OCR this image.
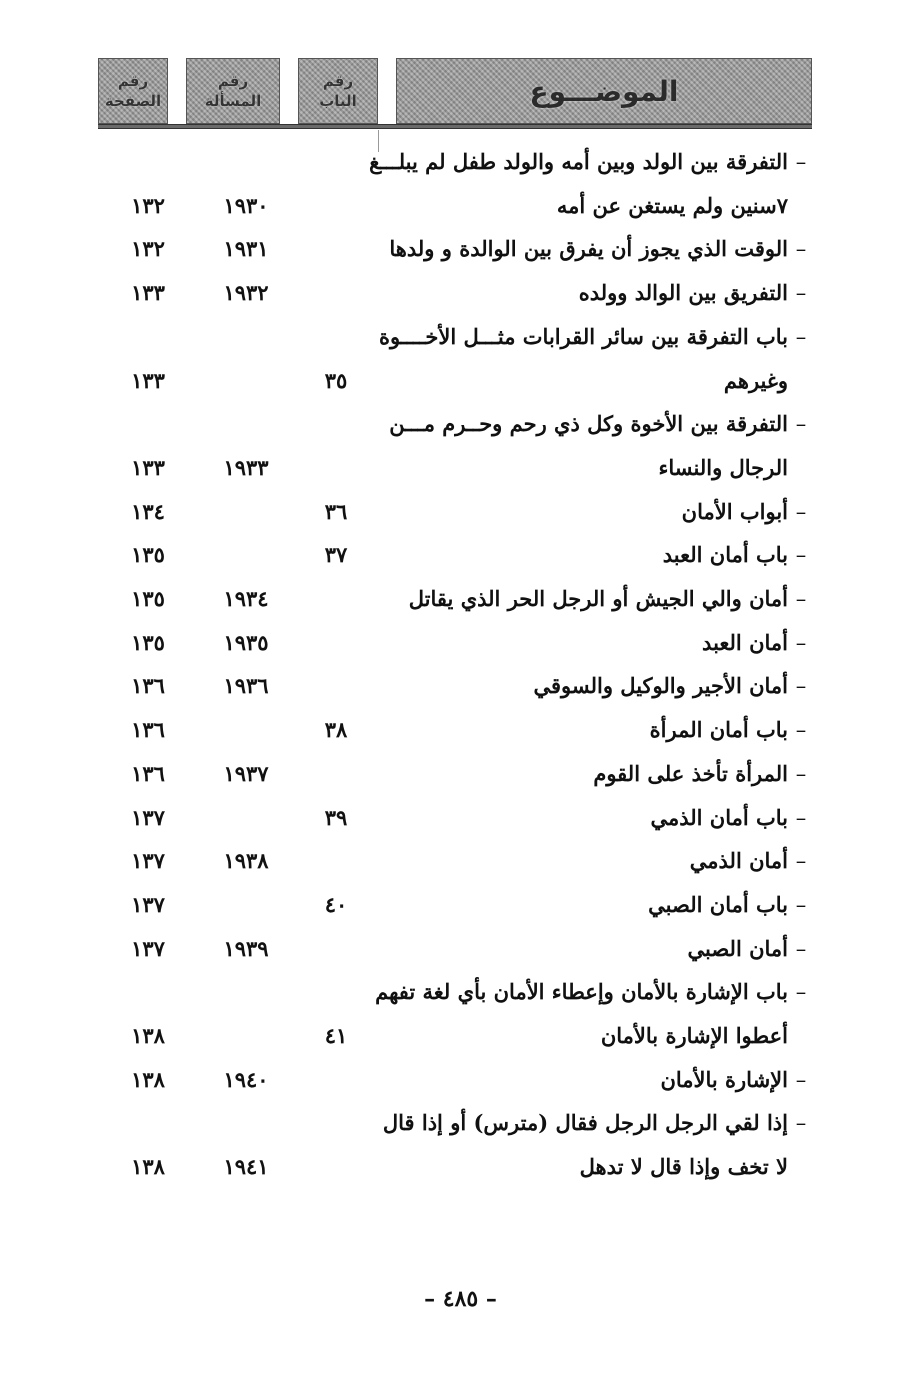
رقم
الصفحة
رقم
المسألة
رقم
الباب	الموضـــوع
–التفرقة بين الولد وبين أمه والولد طفل لم يبلـــغ
٧سنين ولم يستغن عن أمه
١٩٣٠
١٣٢
–الوقت الذي يجوز أن يفرق بين الوالدة و ولدها
١٩٣١
١٣٢
–التفريق بين الوالد وولده
١٩٣٢
١٣٣
–باب التفرقة بين سائر القرابات مثـــل الأخــــوة
وغيرهم
٣٥
١٣٣
–التفرقة بين الأخوة وكل ذي رحم وحــرم مـــن
الرجال والنساء
١٩٣٣
١٣٣
–أبواب الأمان
٣٦
١٣٤
–باب أمان العبد
٣٧
١٣٥
–أمان والي الجيش أو الرجل الحر الذي يقاتل
١٩٣٤
١٣٥
–أمان العبد
١٩٣٥
١٣٥
–أمان الأجير والوكيل والسوقي
١٩٣٦
١٣٦
–باب أمان المرأة
٣٨
١٣٦
–المرأة تأخذ على القوم
١٩٣٧
١٣٦
–باب أمان الذمي
٣٩
١٣٧
–أمان الذمي
١٩٣٨
١٣٧
–باب أمان الصبي
٤٠
١٣٧
–أمان الصبي
١٩٣٩
١٣٧
–باب الإشارة بالأمان وإعطاء الأمان بأي لغة تفهم
أعطوا الإشارة بالأمان
٤١
١٣٨
–الإشارة بالأمان
١٩٤٠
١٣٨
–إذا لقي الرجل الرجل فقال (مترس) أو إذا قال
لا تخف وإذا قال لا تدهل
١٩٤١
١٣٨
– ٤٨٥ –
